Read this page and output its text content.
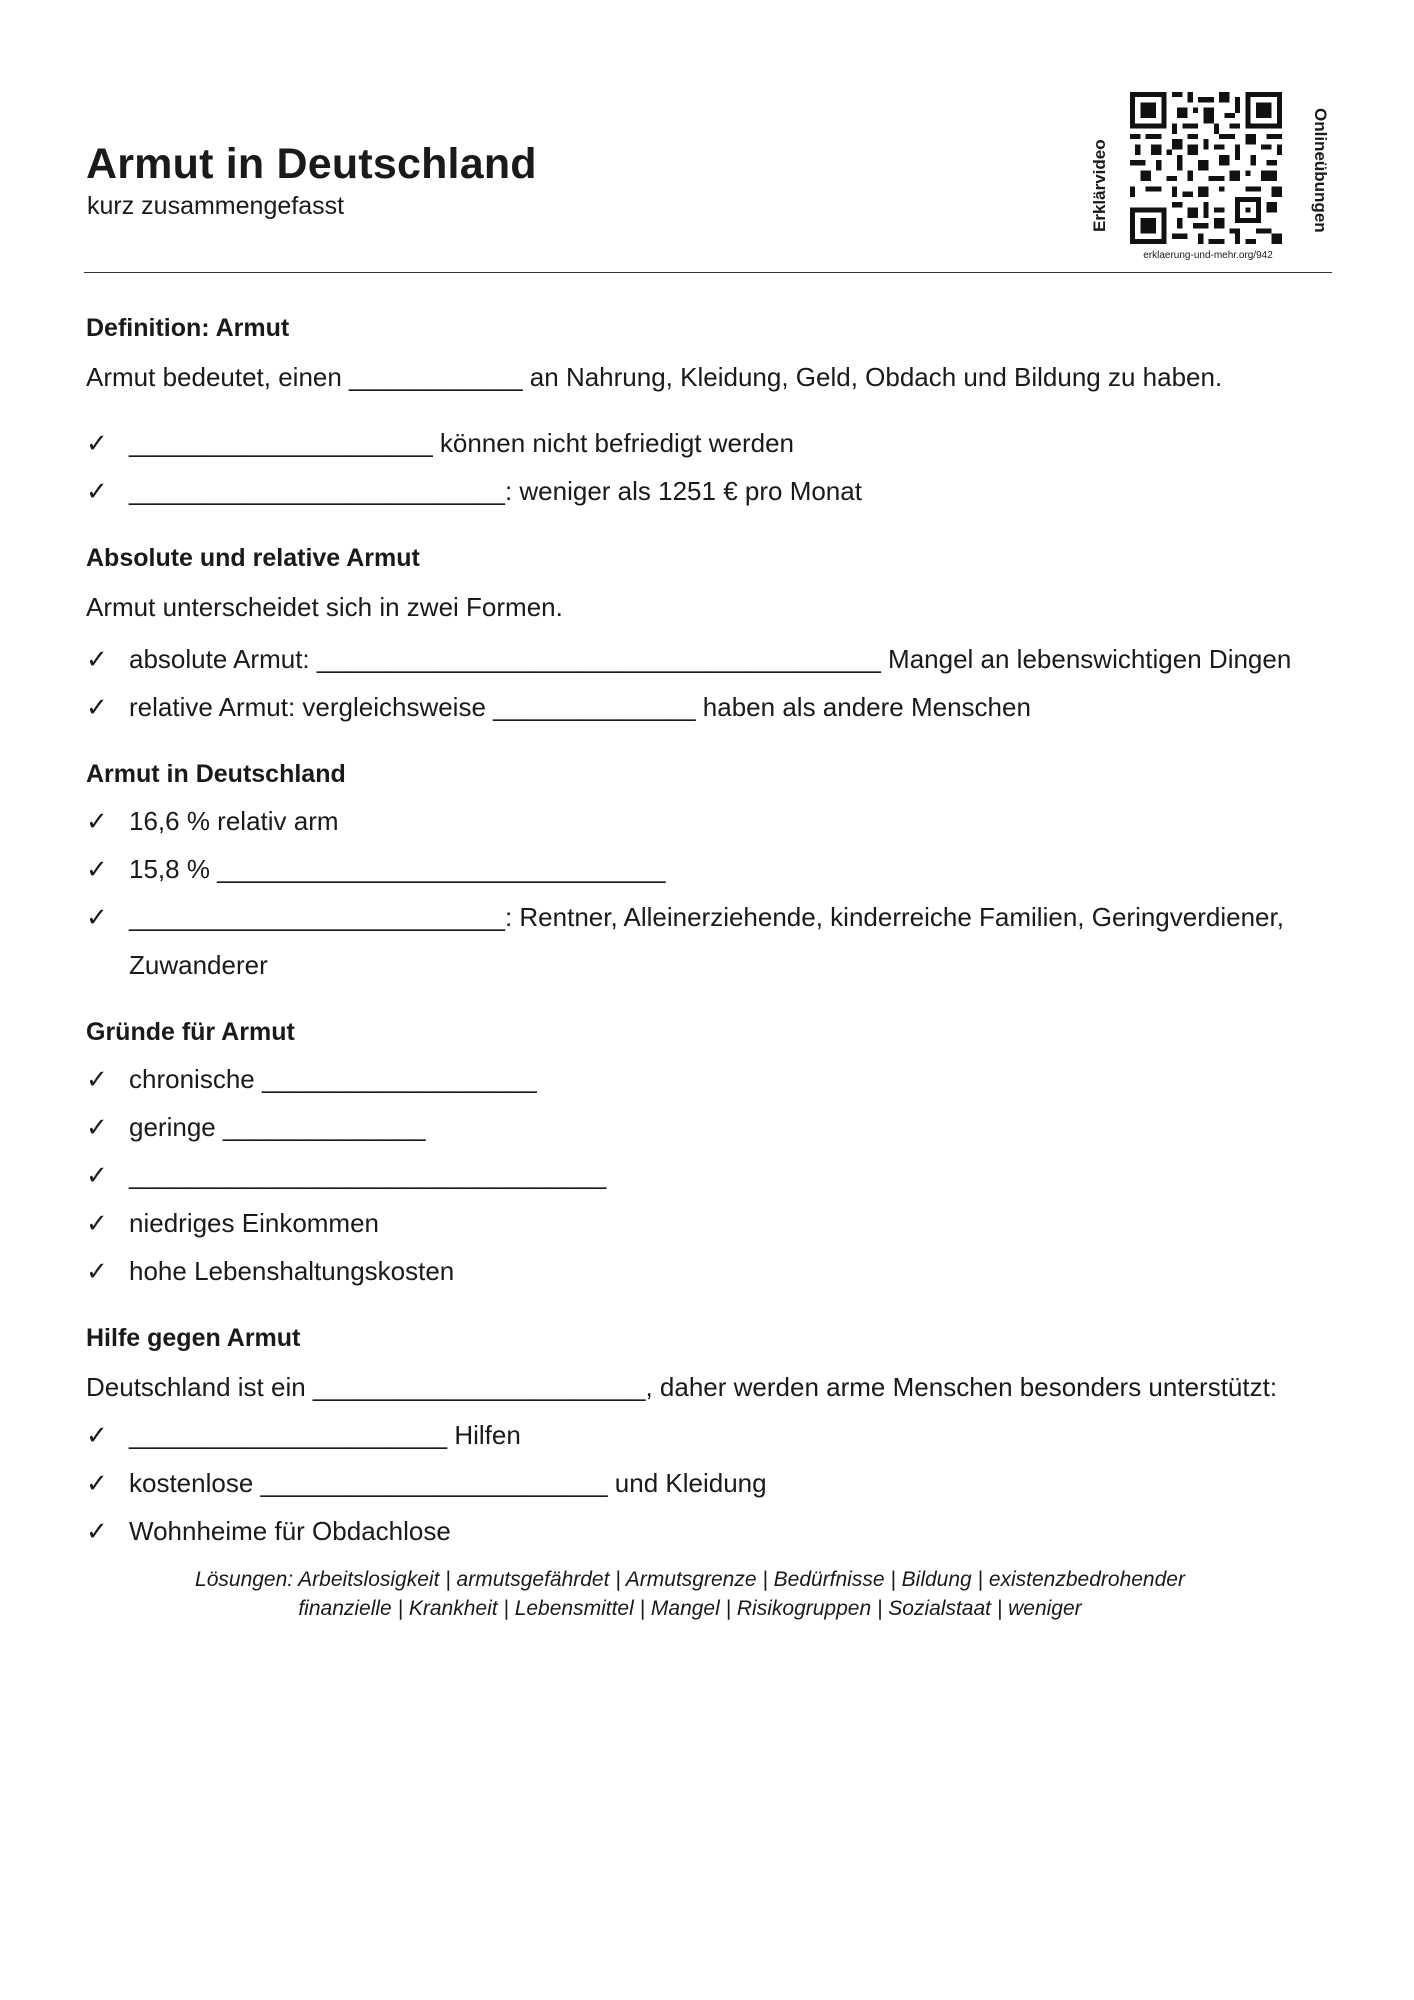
Armut in Deutschland
kurz zusammengefasst	Erklärvideo	Onlineübungen
erklaerung-und-mehr.org/942
Definition: Armut
Armut bedeutet, einen ____________ an Nahrung, Kleidung, Geld, Obdach und Bildung zu haben.
✓ _____________________ können nicht befriedigt werden
✓ __________________________: weniger als 1251 € pro Monat
Absolute und relative Armut
Armut unterscheidet sich in zwei Formen.
✓ absolute Armut: _______________________________________ Mangel an lebenswichtigen Dingen
✓ relative Armut: vergleichsweise ______________ haben als andere Menschen
Armut in Deutschland
✓ 16,6 % relativ arm
✓ 15,8 % _______________________________
✓ __________________________: Rentner, Alleinerziehende, kinderreiche Familien, Geringverdiener,
Zuwanderer
Gründe für Armut
✓ chronische ___________________
✓ geringe ______________
✓ _________________________________
✓ niedriges Einkommen
✓ hohe Lebenshaltungskosten
Hilfe gegen Armut
Deutschland ist ein _______________________, daher werden arme Menschen besonders unterstützt:
✓ ______________________ Hilfen
✓ kostenlose ________________________ und Kleidung
✓ Wohnheime für Obdachlose
Lösungen: Arbeitslosigkeit | armutsgefährdet | Armutsgrenze | Bedürfnisse | Bildung | existenzbedrohender
finanzielle | Krankheit | Lebensmittel | Mangel | Risikogruppen | Sozialstaat | weniger
